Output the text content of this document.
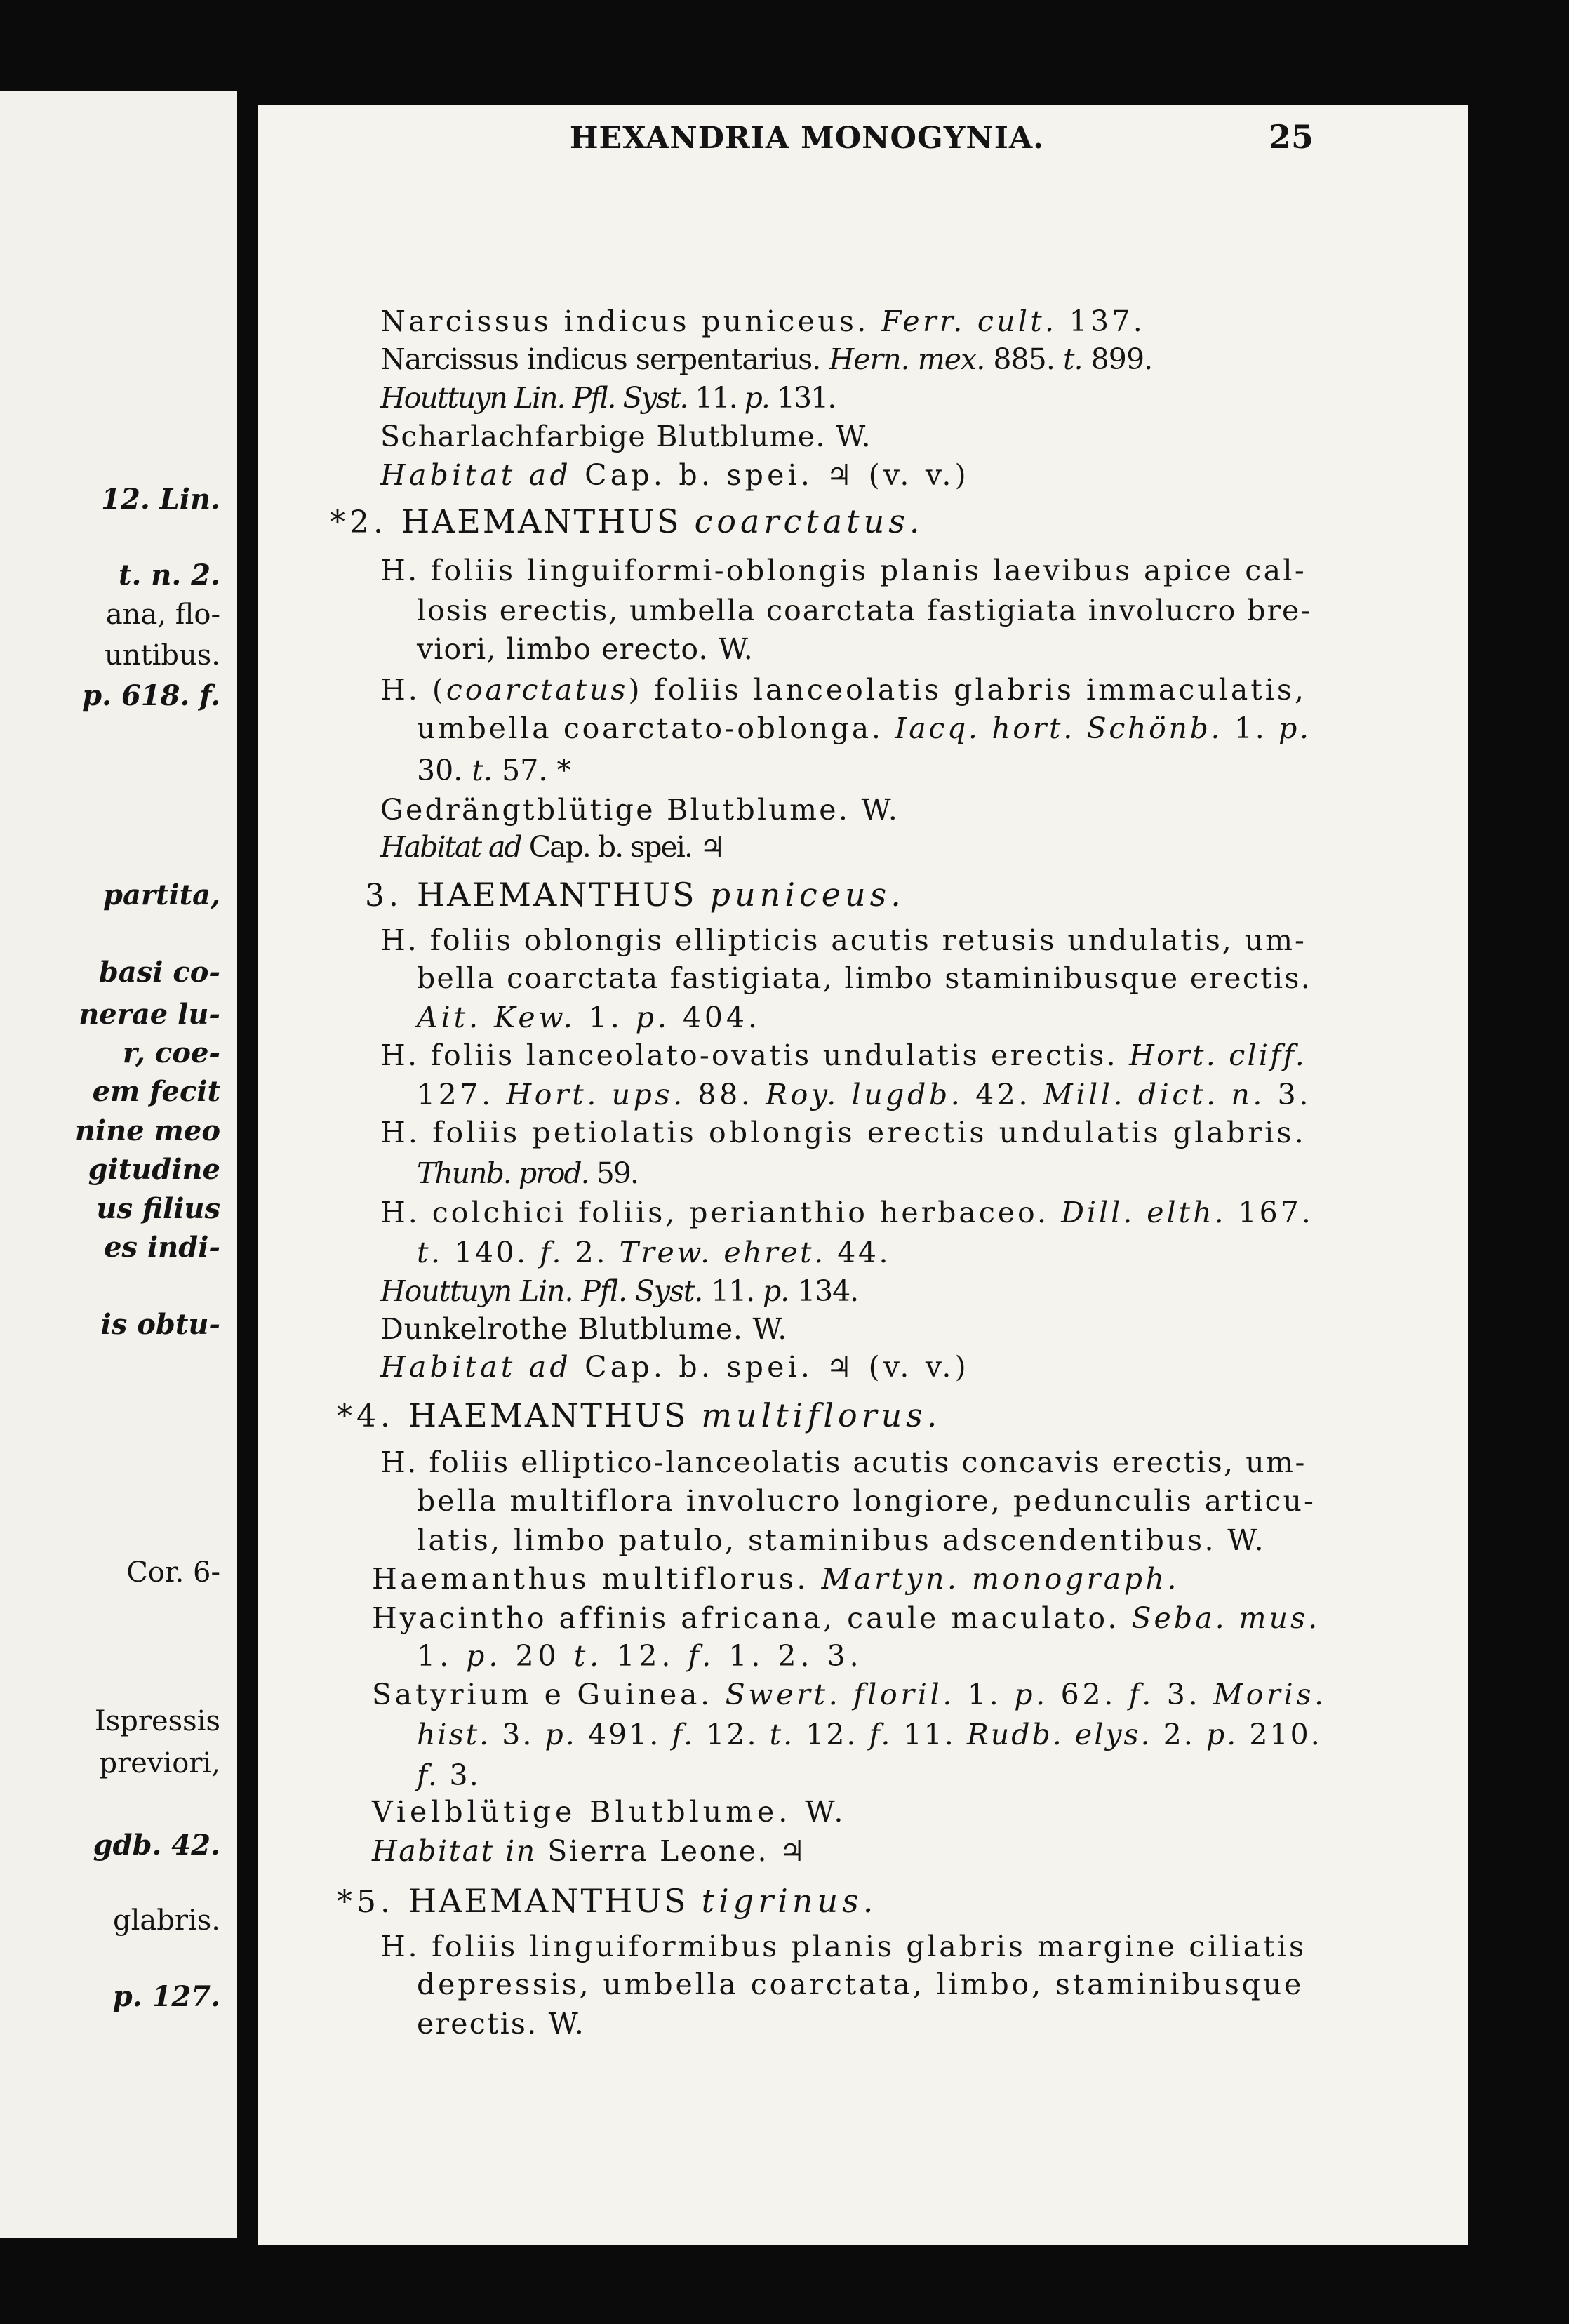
12. Lin.
t. n. 2.
ana, flo-
untibus.
p. 618. f.
partita,
basi co-
nerae lu-
r, coe-
em fecit
nine meo
gitudine
us filius
es indi-
is obtu-
Cor. 6-
Ispressis
previori,
gdb. 42.
glabris.
p. 127.
HEXANDRIA MONOGYNIA.	25
Narcissus indicus puniceus. Ferr. cult. 137.
Narcissus indicus serpentarius. Hern. mex. 885. t. 899.
Houttuyn Lin. Pfl. Syst. 11. p. 131.
Scharlachfarbige Blutblume. W.
Habitat ad Cap. b. spei. ♃ (v. v.)
*2. HAEMANTHUS coarctatus.
H. foliis linguiformi-oblongis planis laevibus apice cal-
losis erectis, umbella coarctata fastigiata involucro bre-
viori, limbo erecto. W.
H. (coarctatus) foliis lanceolatis glabris immaculatis,
umbella coarctato-oblonga. Iacq. hort. Schönb. 1. p.
30. t. 57. *
Gedrängtblütige Blutblume. W.
Habitat ad Cap. b. spei. ♃
3. HAEMANTHUS puniceus.
H. foliis oblongis ellipticis acutis retusis undulatis, um-
bella coarctata fastigiata, limbo staminibusque erectis.
Ait. Kew. 1. p. 404.
H. foliis lanceolato-ovatis undulatis erectis. Hort. cliff.
127. Hort. ups. 88. Roy. lugdb. 42. Mill. dict. n. 3.
H. foliis petiolatis oblongis erectis undulatis glabris.
Thunb. prod. 59.
H. colchici foliis, perianthio herbaceo. Dill. elth. 167.
t. 140. f. 2. Trew. ehret. 44.
Houttuyn Lin. Pfl. Syst. 11. p. 134.
Dunkelrothe Blutblume. W.
Habitat ad Cap. b. spei. ♃ (v. v.)
*4. HAEMANTHUS multiflorus.
H. foliis elliptico-lanceolatis acutis concavis erectis, um-
bella multiflora involucro longiore, pedunculis articu-
latis, limbo patulo, staminibus adscendentibus. W.
Haemanthus multiflorus. Martyn. monograph.
Hyacintho affinis africana, caule maculato. Seba. mus.
1. p. 20 t. 12. f. 1. 2. 3.
Satyrium e Guinea. Swert. floril. 1. p. 62. f. 3. Moris.
hist. 3. p. 491. f. 12. t. 12. f. 11. Rudb. elys. 2. p. 210.
f. 3.
Vielblütige Blutblume. W.
Habitat in Sierra Leone. ♃
*5. HAEMANTHUS tigrinus.
H. foliis linguiformibus planis glabris margine ciliatis
depressis, umbella coarctata, limbo, staminibusque
erectis. W.
